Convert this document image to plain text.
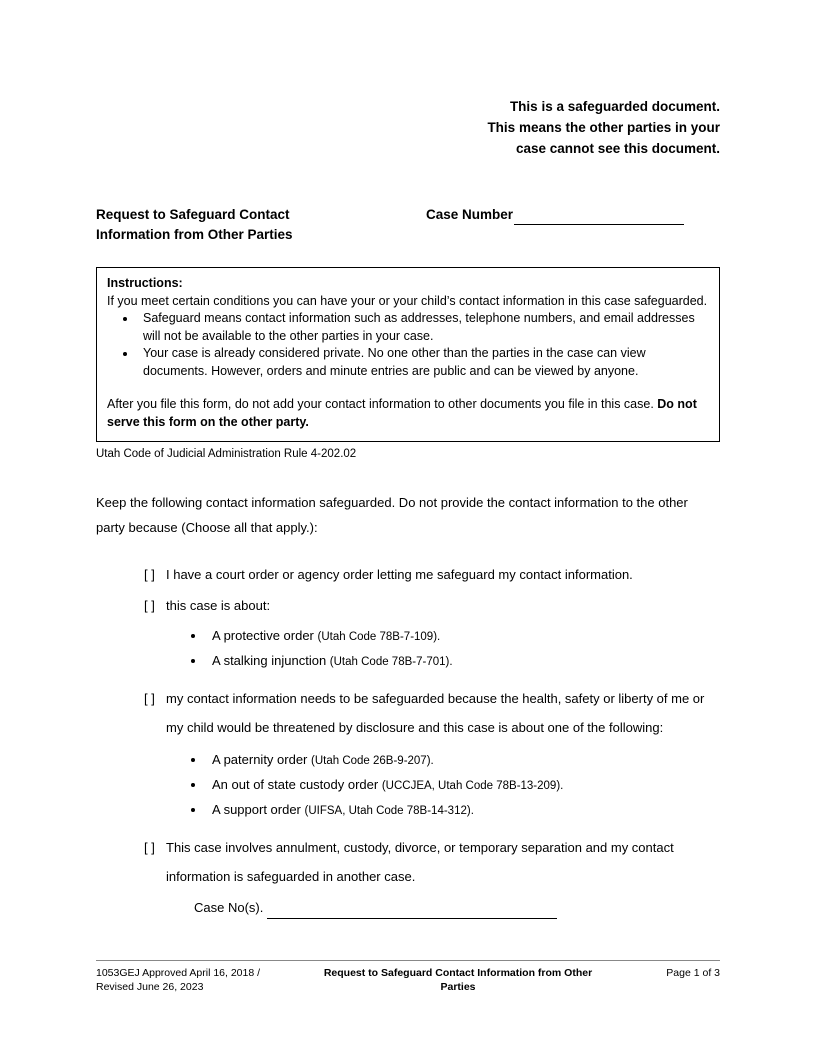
This is a safeguarded document.
This means the other parties in your
case cannot see this document.
Request to Safeguard Contact
Information from Other Parties
Case Number

Instructions:

If you meet certain conditions you can have your or your child’s contact information in this case safeguarded.

• Safeguard means contact information such as addresses, telephone numbers, and email addresses will not be available to the other parties in your case.
• Your case is already considered private. No one other than the parties in the case can view documents. However, orders and minute entries are public and can be viewed by anyone.

After you file this form, do not add your contact information to other documents you file in this case. Do not serve this form on the other party.

Utah Code of Judicial Administration Rule 4-202.02
Keep the following contact information safeguarded. Do not provide the contact information to the other party because (Choose all that apply.):
[ ] I have a court order or agency order letting me safeguard my contact information.
[ ] this case is about:
• A protective order (Utah Code 78B-7-109).
• A stalking injunction (Utah Code 78B-7-701).
[ ] my contact information needs to be safeguarded because the health, safety or liberty of me or my child would be threatened by disclosure and this case is about one of the following:
• A paternity order (Utah Code 26B-9-207).
• An out of state custody order (UCCJEA, Utah Code 78B-13-209).
• A support order (UIFSA, Utah Code 78B-14-312).
[ ] This case involves annulment, custody, divorce, or temporary separation and my contact information is safeguarded in another case.
Case No(s).
1053GEJ Approved April 16, 2018 /
Revised June 26, 2023
Request to Safeguard Contact Information from Other
Parties
Page 1 of 3
